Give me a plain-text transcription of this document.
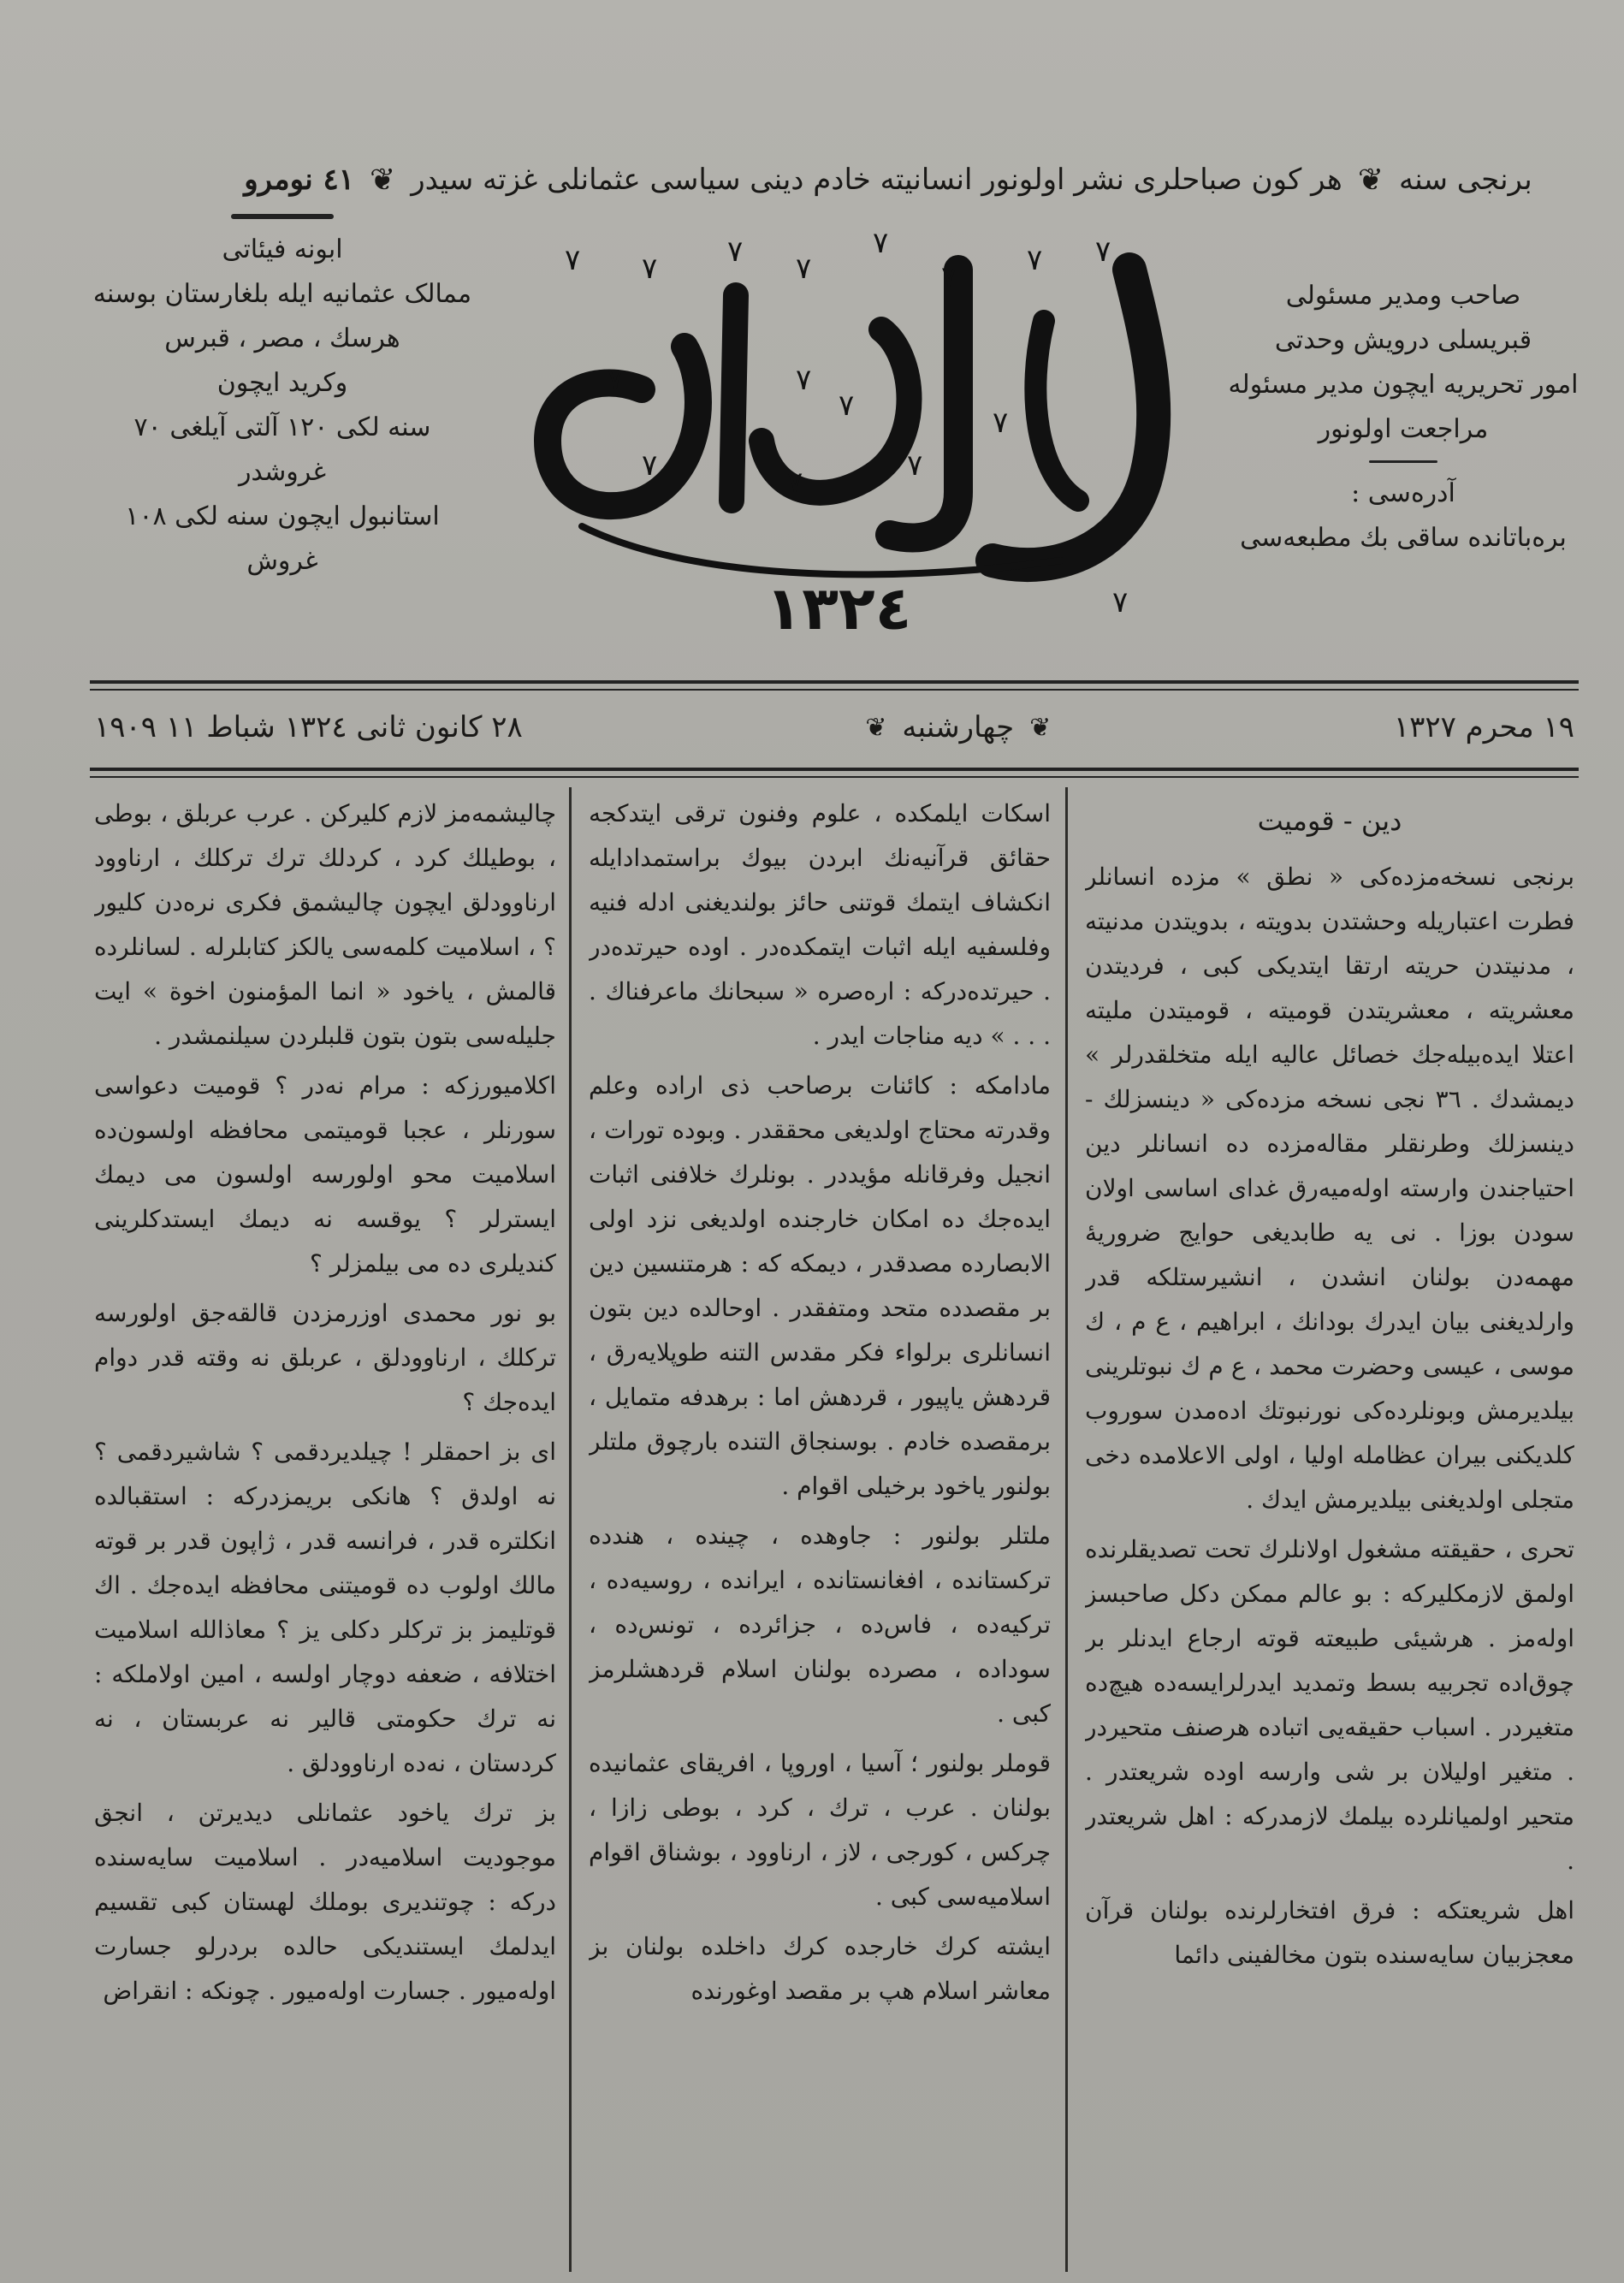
برنجی سنه
❦
هر کون صباحلری نشر اولونور انسانیته خادم دینی سیاسی عثمانلی غزته سیدر
❦
٤١ نومرو
ابونه فیئاتی
ممالک عثمانیه ایله بلغارستان بوسنه
هرسك ، مصر ، قبرس
وکرید ایچون
سنه لکی ١٢٠ آلتی آیلغی ٧٠
غروشدر
استانبول ایچون سنه لکی ١٠٨
غروش
٧ ٧ ٧ ٧
٧
٧ ٧ ٧
٧	٧
٧	٧
٧	٧	٧
٧
١٣٢٤
صاحب ومدیر مسئولی
قبریسلی درویش وحدتی
امور تحریریه ایچون مدیر مسئوله
مراجعت اولونور
آدره‌سی :
بره‌باتانده ساقی بك مطبعه‌سی
١٩ محرم ١٣٢٧
❦
چهارشنبه
❦
٢٨ کانون ثانی ١٣٢٤ شباط ١١ ١٩٠٩
دین - قومیت

برنجی نسخه‌مزده‌کی « نطق » مزده انسانلر فطرت اعتباریله وحشتدن بدویته ، بدویتدن مدنیته ، مدنیتدن حریته ارتقا ایتدیکی کبی ، فردیتدن معشریته ، معشریتدن قومیته ، قومیتدن ملیته اعتلا ایده‌بیله‌جك خصائل عالیه ایله متخلقدرلر » دیمشدك . ٣٦ نجی نسخه مزده‌کی « دینسزلك - دینسزلك وطرنقلر مقاله‌مزده ده انسانلر دین احتیاجندن وارسته اوله‌میه‌رق غدای اساسی اولان سودن بوزا . نی یه طابدیغی حوایج ضروریهٔ مهمه‌دن بولنان انشدن ، انشیرستلکه قدر وارلدیغنی بیان ایدرك بودانك ، ابراهیم ، ع م ، ك موسی ، عیسی وحضرت محمد ، ع م ك نبوتلرینی بیلدیرمش وبونلرده‌کی نورنبوتك اده‌مدن سوروب کلدیکنی بیران عظامله اولیا ، اولی الاعلامده دخی متجلی اولدیغنی بیلدیرمش ایدك .

تحری ، حقیقته مشغول اولانلرك تحت تصدیقلرنده اولمق لازمکلیرکه : بو عالم ممکن دکل صاحبسز اوله‌مز . هرشیئی طبیعته قوته ارجاع ایدنلر بر چوق‌اده تجربیه بسط وتمدید ایدرلرایسه‌ده هیچ‌ده متغیردر . اسباب حقیقه‌یی اتباده هرصنف متحیردر . متغیر اولیلان بر شی وارسه اوده شریعتدر . متحیر اولمیانلرده بیلمك لازمدرکه : اهل شریعتدر .

اهل شریعتکه : فرق افتخارلرنده بولنان قرآن معجزبیان سایه‌سنده بتون مخالفینی دائما

اسکات ایلمکده ، علوم وفنون ترقی ایتدکجه حقائق قرآنیه‌نك ابردن بیوك براستمدادایله انکشاف ایتمك قوتنی حائز بولندیغنی ادله فنیه وفلسفیه ایله اثبات ایتمکده‌در . اوده حیرتده‌در . حیرتده‌درکه : اره‌صره « سبحانك ماعرفناك . . . . » دیه مناجات ایدر .

مادامکه : کائنات برصاحب ذی اراده وعلم وقدرته محتاج اولدیغی محققدر . وبوده تورات ، انجیل وفرقانله مؤیددر . بونلرك خلافنی اثبات ایده‌جك ده امکان خارجنده اولدیغی نزد اولی الابصارده مصدقدر ، دیمکه که : هرمتنسین دین بر مقصدده متحد ومتفقدر . اوحالده دین بتون انسانلری برلواء فکر مقدس التنه طوپلایه‌رق ، قردهش یاپیور ، قردهش اما : برهدفه متمایل ، برمقصده خادم . بوسنجاق التنده بارچوق ملتلر بولنور یاخود برخیلی اقوام .

ملتلر بولنور : جاوهده ، چینده ، هندده ترکستانده ، افغانستانده ، ایرانده ، روسیه‌ده ، ترکیه‌ده ، فاس‌ده ، جزائرده ، تونس‌ده ، سوداده ، مصرده بولنان اسلام قردهشلرمز کبی .

قوملر بولنور ؛ آسیا ، اوروپا ، افریقای عثمانیده بولنان . عرب ، ترك ، کرد ، بوطی زازا ، چرکس ، کورجی ، لاز ، ارناوود ، بوشناق اقوام اسلامیه‌سی کبی .

ایشته کرك خارجده کرك داخلده بولنان بز معاشر اسلام هپ بر مقصد اوغورنده

چالیشمه‌مز لازم کلیرکن . عرب عربلق ، بوطی ، بوطیلك کرد ، کردلك ترك ترکلك ، ارناوود ارناوودلق ایچون چالیشمق فکری نره‌دن کلیور ؟ ، اسلامیت کلمه‌سی یالکز کتابلرله . لسانلرده قالمش ، یاخود « انما المؤمنون اخوة » ایت جلیله‌سی بتون بتون قلبلردن سیلنمشدر .

اکلامیورزکه : مرام نه‌در ؟ قومیت دعواسی سورنلر ، عجبا قومیتمی محافظه اولسون‌ده اسلامیت محو اولورسه اولسون می دیمك ایسترلر ؟ یوقسه نه دیمك ایستدکلرینی کندیلری ده می بیلمزلر ؟

بو نور محمدی اوزرمزدن قالقه‌جق اولورسه ترکلك ، ارناوودلق ، عربلق نه وقته قدر دوام ایده‌جك ؟

ای بز احمقلر ! چیلدیردقمی ؟ شاشیردقمی ؟ نه اولدق ؟ هانکی بریمزدرکه : استقبالده انکلتره قدر ، فرانسه قدر ، ژاپون قدر بر قوته مالك اولوب ده قومیتنی محافظه ایده‌جك . اك قوتلیمز بز ترکلر دکلی یز ؟ معاذالله اسلامیت اختلافه ، ضعفه دوچار اولسه ، امین اولاملکه : نه ترك حکومتی قالیر نه عربستان ، نه کردستان ، نه‌ده ارناوودلق .

بز ترك یاخود عثمانلی دیدیرتن ، انجق موجودیت اسلامیه‌در . اسلامیت سایه‌سنده درکه : چوتندیری بوملك لهستان کبی تقسیم ایدلمك ایستندیکی حالده بردرلو جسارت اوله‌میور . جسارت اوله‌میور . چونکه : انقراض
